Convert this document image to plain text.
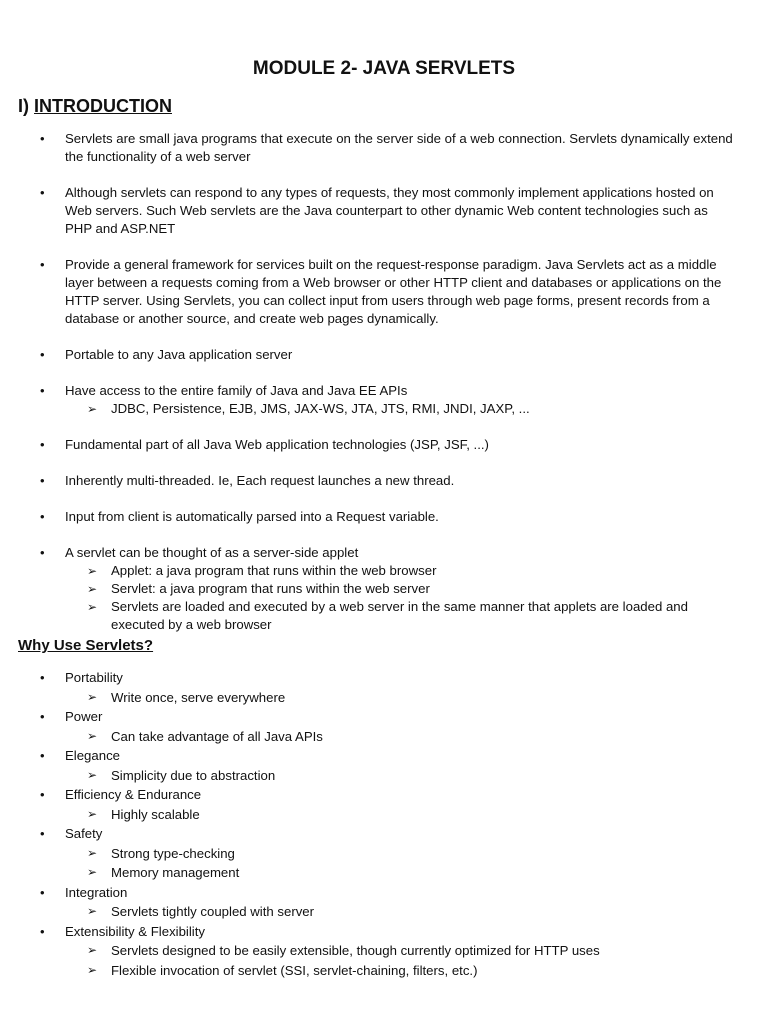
MODULE 2- JAVA SERVLETS
I) INTRODUCTION
• Servlets are small java programs that execute on the server side of a web connection. Servlets dynamically extend the functionality of a web server
• Although servlets can respond to any types of requests, they most commonly implement applications hosted on Web servers. Such Web servlets are the Java counterpart to other dynamic Web content technologies such as PHP and ASP.NET
• Provide a general framework for services built on the request-response paradigm. Java Servlets act as a middle layer between a requests coming from a Web browser or other HTTP client and databases or applications on the HTTP server. Using Servlets, you can collect input from users through web page forms, present records from a database or another source, and create web pages dynamically.
• Portable to any Java application server
• Have access to the entire family of Java and Java EE APIs
➢ JDBC, Persistence, EJB, JMS, JAX-WS, JTA, JTS, RMI, JNDI, JAXP, ...
• Fundamental part of all Java Web application technologies (JSP, JSF, ...)
• Inherently multi-threaded. Ie, Each request launches a new thread.
• Input from client is automatically parsed into a Request variable.
• A servlet can be thought of as a server-side applet
➢ Applet: a java program that runs within the web browser
➢ Servlet: a java program that runs within the web server
➢ Servlets are loaded and executed by a web server in the same manner that applets are loaded and executed by a web browser
Why Use Servlets?
• Portability
➢ Write once, serve everywhere
• Power
➢ Can take advantage of all Java APIs
• Elegance
➢ Simplicity due to abstraction
• Efficiency & Endurance
➢ Highly scalable
• Safety
➢ Strong type-checking
➢ Memory management
• Integration
➢ Servlets tightly coupled with server
• Extensibility & Flexibility
➢ Servlets designed to be easily extensible, though currently optimized for HTTP uses
➢ Flexible invocation of servlet (SSI, servlet-chaining, filters, etc.)
